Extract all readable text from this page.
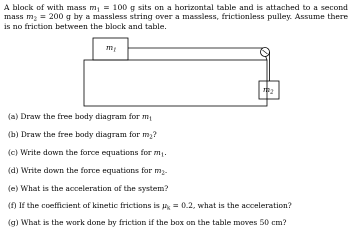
A block of with mass $m_1 = 100$ g sits on a horizontal table and is attached to a second mass $m_2 = 200$ g by a massless string over a massless, frictionless pulley. Assume there is no friction between the block and table.
$m_1$
$m_2$
(a) Draw the free body diagram for $m_1$
(b) Draw the free body diagram for $m_2$?
(c) Write down the force equations for $m_1$.
(d) Write down the force equations for $m_2$.
(e) What is the acceleration of the system?
(f) If the coefficient of kinetic frictions is $\mu_k = 0.2$, what is the acceleration?
(g) What is the work done by friction if the box on the table moves 50 cm?
